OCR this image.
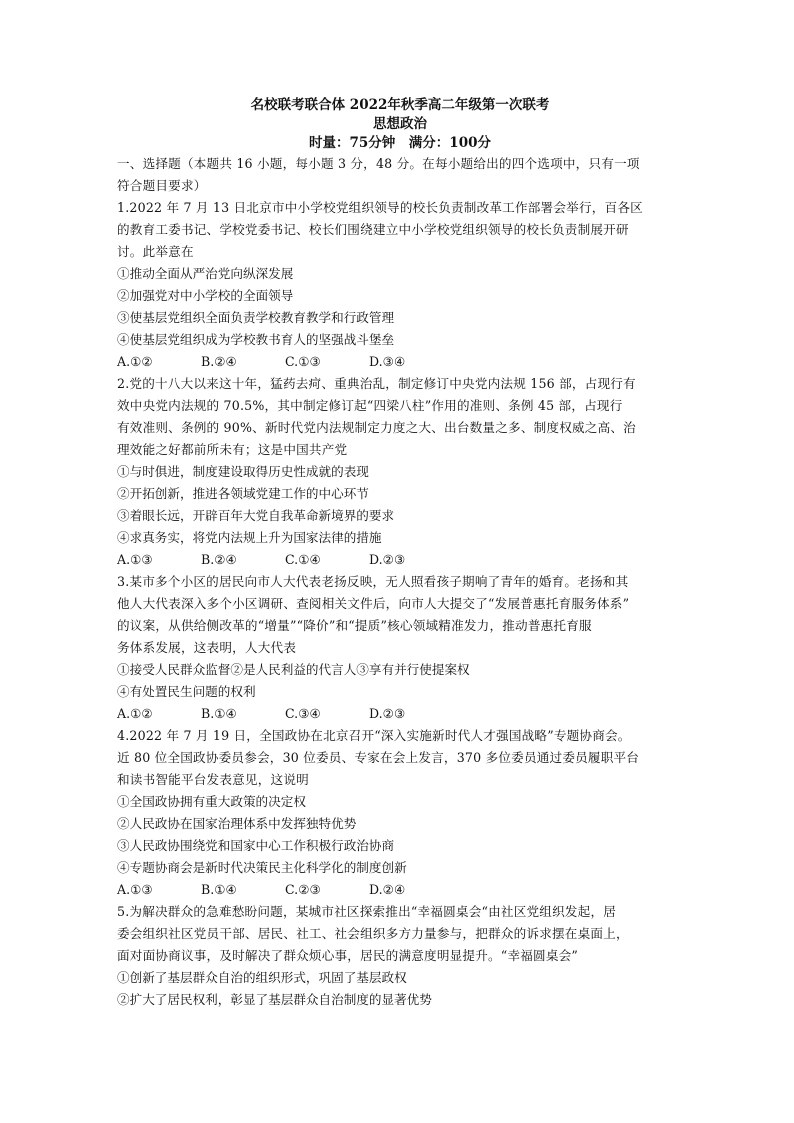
名校联考联合体 2022年秋季高二年级第一次联考
思想政治
时量：75分钟　满分：100分
一、选择题（本题共 16 小题，每小题 3 分，48 分。在每小题给出的四个选项中，只有一项
符合题目要求）
1.2022 年 7 月 13 日北京市中小学校党组织领导的校长负责制改革工作部署会举行，百各区
的教育工委书记、学校党委书记、校长们围绕建立中小学校党组织领导的校长负责制展开研
讨。此举意在
①推动全面从严治党向纵深发展
②加强党对中小学校的全面领导
③使基层党组织全面负责学校教育教学和行政管理
④使基层党组织成为学校教书育人的坚强战斗堡垒
A.①②	B.②④	C.①③	D.③④
2.党的十八大以来这十年，猛药去疴、重典治乱，制定修订中央党内法规 156 部，占现行有
效中央党内法规的 70.5%，其中制定修订起“四梁八柱”作用的准则、条例 45 部，占现行
有效准则、条例的 90%、新时代党内法规制定力度之大、出台数量之多、制度权威之高、治
理效能之好都前所未有；这是中国共产党
①与时俱进，制度建设取得历史性成就的表现
②开拓创新，推进各领域党建工作的中心环节
③着眼长远，开辟百年大党自我革命新境界的要求
④求真务实，将党内法规上升为国家法律的措施
A.①③	B.②④	C.①④	D.②③
3.某市多个小区的居民向市人大代表老扬反映，无人照看孩子期响了青年的婚育。老扬和其
他人大代表深入多个小区调研、查阅相关文件后，向市人大提交了“发展普惠托育服务体系”
的议案，从供给侧改革的“增量”“降价”和“提质”核心领域精准发力，推动普惠托育服
务体系发展，这表明，人大代表
①接受人民群众监督②是人民利益的代言人③享有并行使提案权
④有处置民生问题的权利
A.①②	B.①④	C.③④	D.②③
4.2022 年 7 月 19 日，全国政协在北京召开“深入实施新时代人才强国战略”专题协商会。
近 80 位全国政协委员参会，30 位委员、专家在会上发言，370 多位委员通过委员履职平台
和读书智能平台发表意见，这说明
①全国政协拥有重大政策的决定权
②人民政协在国家治理体系中发挥独特优势
③人民政协围绕党和国家中心工作积极行政治协商
④专题协商会是新时代决策民主化科学化的制度创新
A.①③	B.①④	C.②③	D.②④
5.为解决群众的急难愁盼问题，某城市社区探索推出“幸福圆桌会“由社区党组织发起，居
委会组织社区党员干部、居民、社工、社会组织多方力量参与，把群众的诉求摆在桌面上，
面对面协商议事，及时解决了群众烦心事，居民的满意度明显提升。“幸福圆桌会”
①创新了基层群众自治的组织形式，巩固了基层政权
②扩大了居民权利，彰显了基层群众自治制度的显著优势
